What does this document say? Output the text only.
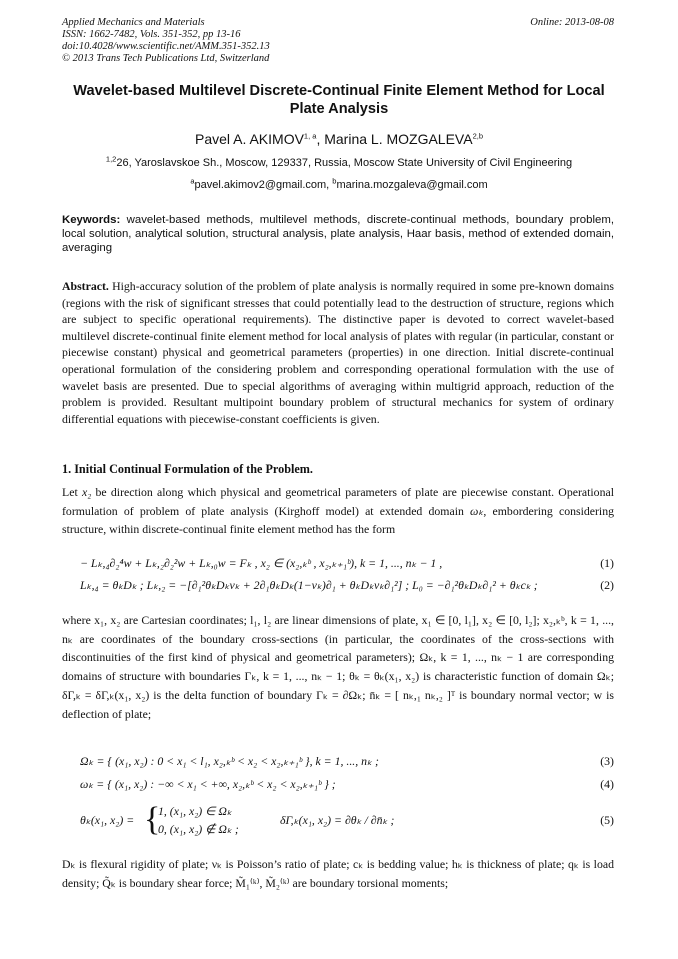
Applied Mechanics and Materials
ISSN: 1662-7482, Vols. 351-352, pp 13-16
doi:10.4028/www.scientific.net/AMM.351-352.13
© 2013 Trans Tech Publications Ltd, Switzerland
Online: 2013-08-08
Wavelet-based Multilevel Discrete-Continual Finite Element Method for Local Plate Analysis
Pavel A. AKIMOV$^{1, a}$, Marina L. MOZGALEVA$^{2,b}$
$^{1,2}$26, Yaroslavskoe Sh., Moscow, 129337, Russia, Moscow State University of Civil Engineering
$^a$pavel.akimov2@gmail.com, $^b$marina.mozgaleva@gmail.com
Keywords: wavelet-based methods, multilevel methods, discrete-continual methods, boundary problem, local solution, analytical solution, structural analysis, plate analysis, Haar basis, method of extended domain, averaging
Abstract. High-accuracy solution of the problem of plate analysis is normally required in some pre-known domains (regions with the risk of significant stresses that could potentially lead to the destruction of structure, regions which are subject to specific operational requirements). The distinctive paper is devoted to correct wavelet-based multilevel discrete-continual finite element method for local analysis of plates with regular (in particular, constant or piecewise constant) physical and geometrical parameters (properties) in one direction. Initial discrete-continual operational formulation of the considering problem and corresponding operational formulation with the use of wavelet basis are presented. Due to special algorithms of averaging within multigrid approach, reduction of the problem is provided. Resultant multipoint boundary problem of structural mechanics for system of ordinary differential equations with piecewise-constant coefficients is given.
1. Initial Continual Formulation of the Problem.
Let x₂ be direction along which physical and geometrical parameters of plate are piecewise constant. Operational formulation of problem of plate analysis (Kirghoff model) at extended domain ωₖ, embordering considering structure, within discrete-continual finite element method has the form
− Lₖ,₄∂₂⁴w + Lₖ,₂∂₂²w + Lₖ,₀w = Fₖ , x₂ ∈ (x₂,ₖᵇ , x₂,ₖ₊₁ᵇ), k = 1, ..., nₖ − 1 ,	(1)
Lₖ,₄ = θₖDₖ ; Lₖ,₂ = −[∂₁²θₖDₖνₖ + 2∂₁θₖDₖ(1−νₖ)∂₁ + θₖDₖνₖ∂₁²] ; L₀ = −∂₁²θₖDₖ∂₁² + θₖcₖ ;	(2)
where x₁, x₂ are Cartesian coordinates; l₁, l₂ are linear dimensions of plate, x₁ ∈ [0, l₁], x₂ ∈ [0, l₂]; x₂,ₖᵇ, k = 1, ..., nₖ are coordinates of the boundary cross-sections (in particular, the coordinates of the cross-sections with discontinuities of the first kind of physical and geometrical parameters); Ωₖ, k = 1, ..., nₖ − 1 are corresponding domains of structure with boundaries Γₖ, k = 1, ..., nₖ − 1; θₖ = θₖ(x₁, x₂) is characteristic function of domain Ωₖ; δΓ,ₖ = δΓ,ₖ(x₁, x₂) is the delta function of boundary Γₖ = ∂Ωₖ; n̄ₖ = [ nₖ,₁ nₖ,₂ ]ᵀ is boundary normal vector; w is deflection of plate;
Ωₖ = { (x₁, x₂) : 0 < x₁ < l₁, x₂,ₖᵇ < x₂ < x₂,ₖ₊₁ᵇ }, k = 1, ..., nₖ ;	(3)
ωₖ = { (x₁, x₂) : −∞ < x₁ < +∞, x₂,ₖᵇ < x₂ < x₂,ₖ₊₁ᵇ } ;	(4)
θₖ(x₁, x₂) = {
1, (x₁, x₂) ∈ Ωₖ
0, (x₁, x₂) ∉ Ωₖ ;
δΓ,ₖ(x₁, x₂) = ∂θₖ / ∂n̄ₖ ;	(5)
Dₖ is flexural rigidity of plate; νₖ is Poisson’s ratio of plate; cₖ is bedding value; hₖ is thickness of plate; qₖ is load density; Q̃ₖ is boundary shear force; M̃₁⁽ᵏ⁾, M̃₂⁽ᵏ⁾ are boundary torsional moments;
